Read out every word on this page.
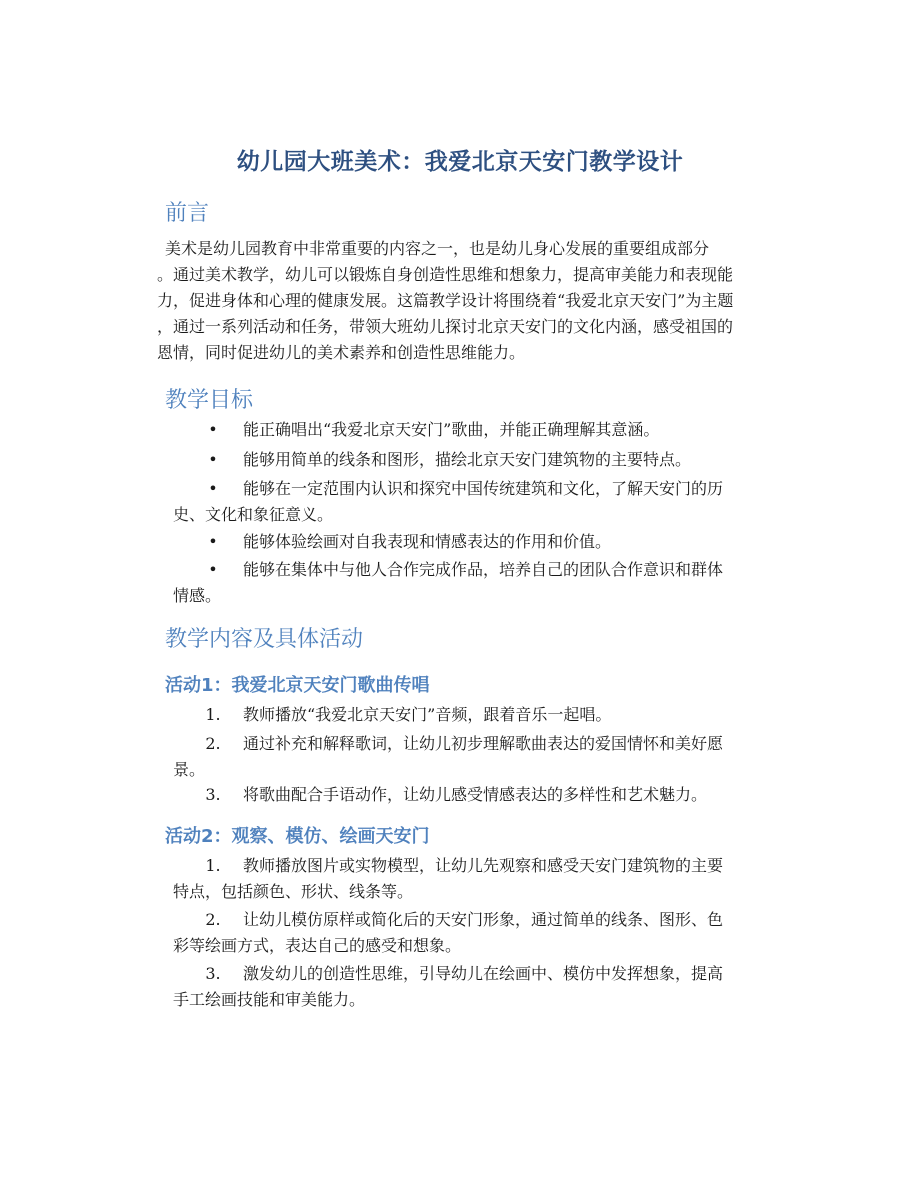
幼儿园大班美术：我爱北京天安门教学设计
前言
美术是幼儿园教育中非常重要的内容之一，也是幼儿身心发展的重要组成部分
。通过美术教学，幼儿可以锻炼自身创造性思维和想象力，提高审美能力和表现能
力，促进身体和心理的健康发展。这篇教学设计将围绕着“我爱北京天安门”为主题
，通过一系列活动和任务，带领大班幼儿探讨北京天安门的文化内涵，感受祖国的
恩情，同时促进幼儿的美术素养和创造性思维能力。
教学目标
•	能正确唱出“我爱北京天安门”歌曲，并能正确理解其意涵。
•	能够用简单的线条和图形，描绘北京天安门建筑物的主要特点。
•	能够在一定范围内认识和探究中国传统建筑和文化，了解天安门的历
史、文化和象征意义。
•	能够体验绘画对自我表现和情感表达的作用和价值。
•	能够在集体中与他人合作完成作品，培养自己的团队合作意识和群体
情感。
教学内容及具体活动
活动1：我爱北京天安门歌曲传唱
1.	教师播放“我爱北京天安门”音频，跟着音乐一起唱。
2.	通过补充和解释歌词，让幼儿初步理解歌曲表达的爱国情怀和美好愿
景。
3.	将歌曲配合手语动作，让幼儿感受情感表达的多样性和艺术魅力。
活动2：观察、模仿、绘画天安门
1.	教师播放图片或实物模型，让幼儿先观察和感受天安门建筑物的主要
特点，包括颜色、形状、线条等。
2.	让幼儿模仿原样或简化后的天安门形象，通过简单的线条、图形、色
彩等绘画方式，表达自己的感受和想象。
3.	激发幼儿的创造性思维，引导幼儿在绘画中、模仿中发挥想象，提高
手工绘画技能和审美能力。
